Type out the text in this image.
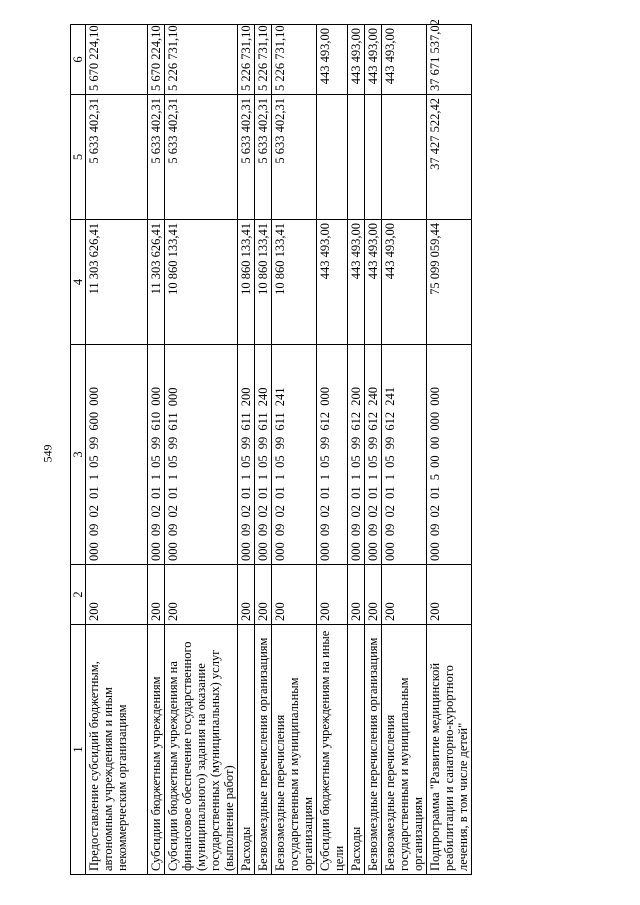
549
1	2	3	4	5	6
Предоставление субсидий бюджетным, автономным учреждениям и иным некоммерческим организациям	200	000 09 02 01 1 05 99 600 000	11 303 626,41	5 633 402,31	5 670 224,10
Субсидии бюджетным учреждениям	200	000 09 02 01 1 05 99 610 000	11 303 626,41	5 633 402,31	5 670 224,10
Субсидии бюджетным учреждениям на финансовое обеспечение государственного (муниципального) задания на оказание государственных (муниципальных) услуг (выполнение работ)	200	000 09 02 01 1 05 99 611 000	10 860 133,41	5 633 402,31	5 226 731,10
Расходы	200	000 09 02 01 1 05 99 611 200	10 860 133,41	5 633 402,31	5 226 731,10
Безвозмездные перечисления организациям	200	000 09 02 01 1 05 99 611 240	10 860 133,41	5 633 402,31	5 226 731,10
Безвозмездные перечисления государственным и муниципальным организациям	200	000 09 02 01 1 05 99 611 241	10 860 133,41	5 633 402,31	5 226 731,10
Субсидии бюджетным учреждениям на иные цели	200	000 09 02 01 1 05 99 612 000	443 493,00		443 493,00
Расходы	200	000 09 02 01 1 05 99 612 200	443 493,00		443 493,00
Безвозмездные перечисления организациям	200	000 09 02 01 1 05 99 612 240	443 493,00		443 493,00
Безвозмездные перечисления государственным и муниципальным организациям	200	000 09 02 01 1 05 99 612 241	443 493,00		443 493,00
Подпрограмма "Развитие медицинской реабилитации и санаторно-курортного лечения, в том числе детей"	200	000 09 02 01 5 00 00 000 000	75 099 059,44	37 427 522,42	37 671 537,02
